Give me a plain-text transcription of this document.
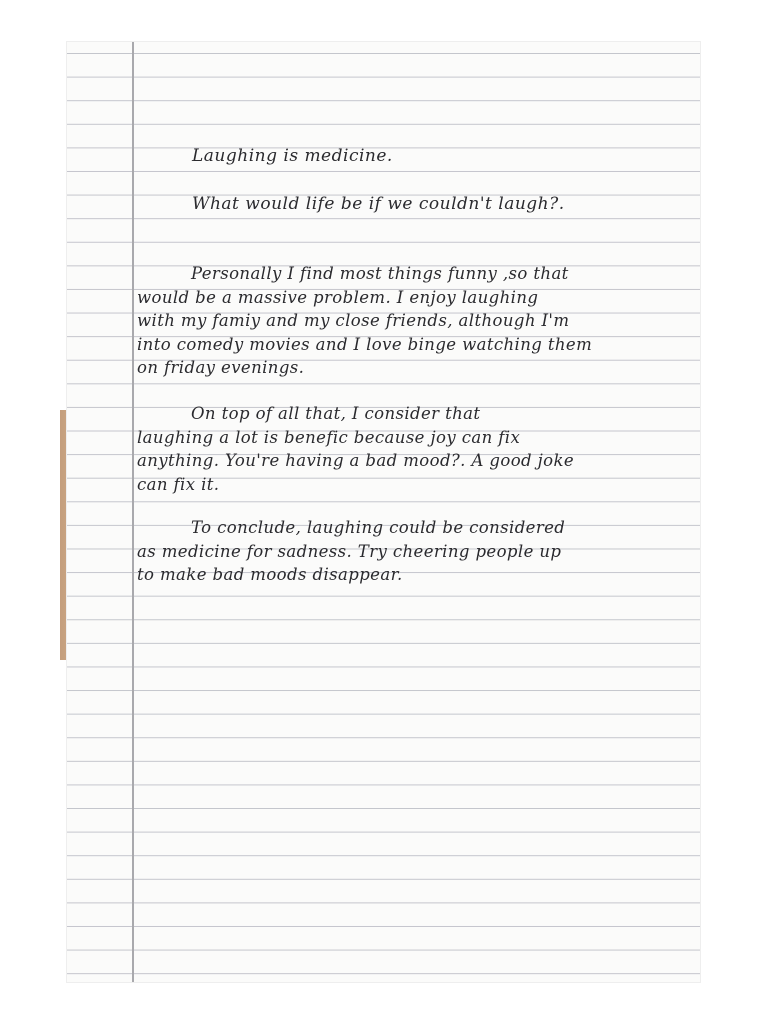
Laughing is medicine.
What would life be if we couldn't laugh?.
Personally I find most things funny ,so that
would be a massive problem. I enjoy laughing
with my famiy and my close friends, although I'm
into comedy movies and I love binge watching them
on friday evenings.
On top of all that, I consider that
laughing a lot is benefic because joy can fix
anything. You're having a bad mood?. A good joke
can fix it.
To conclude, laughing could be considered
as medicine for sadness. Try cheering people up
to make bad moods disappear.
